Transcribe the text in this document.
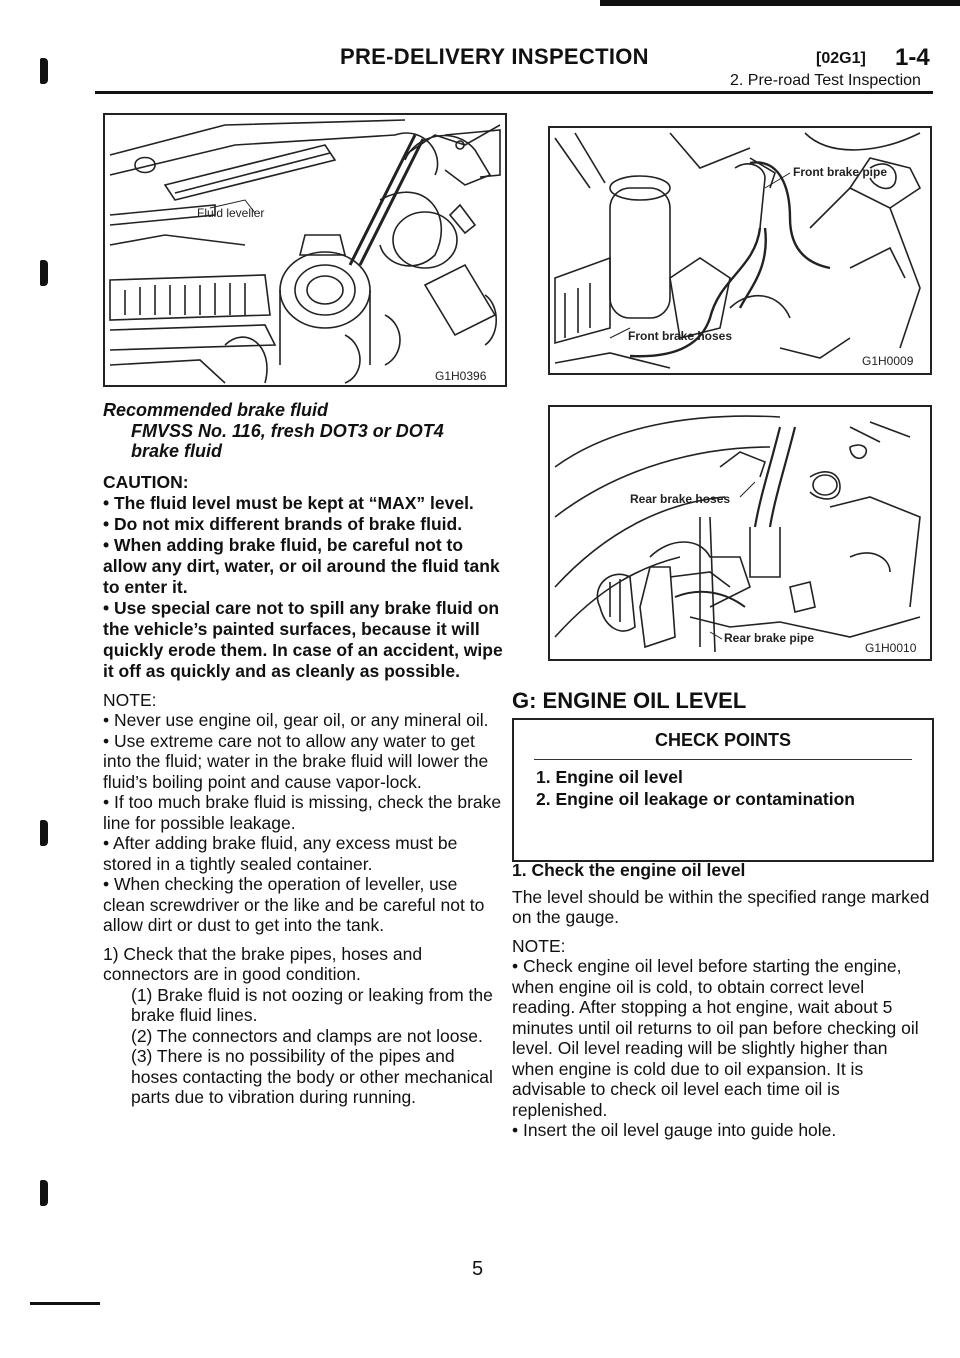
PRE-DELIVERY INSPECTION	[02G1] 1-4
2. Pre-road Test Inspection
Fluid leveller
G1H0396
Front brake pipe
Front brake hoses
G1H0009
Rear brake hoses
Rear brake pipe
G1H0010

Recommended brake fluid

FMVSS No. 116, fresh DOT3 or DOT4

brake fluid

CAUTION:

• The fluid level must be kept at “MAX” level.

• Do not mix different brands of brake fluid.

• When adding brake fluid, be careful not to allow any dirt, water, or oil around the fluid tank to enter it.

• Use special care not to spill any brake fluid on the vehicle’s painted surfaces, because it will quickly erode them. In case of an accident, wipe it off as quickly and as cleanly as possible.

NOTE:

• Never use engine oil, gear oil, or any mineral oil.

• Use extreme care not to allow any water to get into the fluid; water in the brake fluid will lower the fluid’s boiling point and cause vapor-lock.

• If too much brake fluid is missing, check the brake line for possible leakage.

• After adding brake fluid, any excess must be stored in a tightly sealed container.

• When checking the operation of leveller, use clean screwdriver or the like and be careful not to allow dirt or dust to get into the tank.

1) Check that the brake pipes, hoses and connectors are in good condition.

(1) Brake fluid is not oozing or leaking from the brake fluid lines.

(2) The connectors and clamps are not loose.

(3) There is no possibility of the pipes and hoses contacting the body or other mechanical parts due to vibration during running.

G: ENGINE OIL LEVEL
CHECK POINTS
1. Engine oil level
2. Engine oil leakage or contamination

1. Check the engine oil level

The level should be within the specified range marked on the gauge.

NOTE:

• Check engine oil level before starting the engine, when engine oil is cold, to obtain correct level reading. After stopping a hot engine, wait about 5 minutes until oil returns to oil pan before checking oil level. Oil level reading will be slightly higher than when engine is cold due to oil expansion. It is advisable to check oil level each time oil is replenished.

• Insert the oil level gauge into guide hole.

5
